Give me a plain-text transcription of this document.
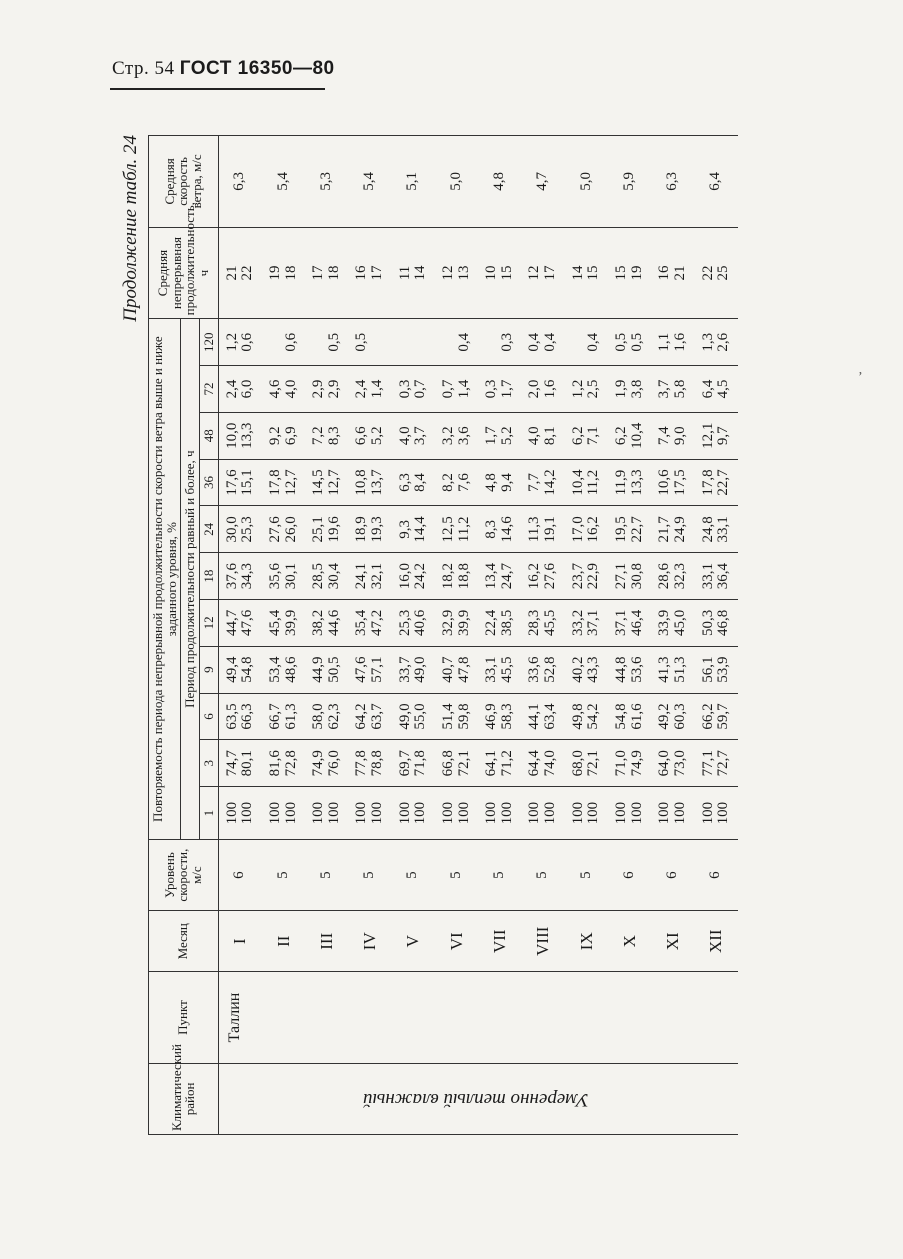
Стр. 54 ГОСТ 16350—80
ʼ
Продолжение табл. 24
Климатический район	Пункт	Месяц	Уровень скорости, м/с	Повторяемость периода непрерывной продолжительности скорости ветра выше и ниже заданного уровня, %											Средняя непрерывная продолжительность, ч	Средняя скорость ветра, м/с
				Период продолжительности равный и более, ч												
				1	3	6	9	12	18	24	36	48	72	120		
Умеренно теплый влажный	Таллин	I	6	100 100	74,7 80,1	63,5 66,3	49,4 54,8	44,7 47,6	37,6 34,3	30,0 25,3	17,6 15,1	10,0 13,3	2,4 6,0	1,2 0,6	21 22	6,3
		II	5	100 100	81,6 72,8	66,7 61,3	53,4 48,6	45,4 39,9	35,6 30,1	27,6 26,0	17,8 12,7	9,2 6,9	4,6 4,0	0,6	19 18	5,4
		III	5	100 100	74,9 76,0	58,0 62,3	44,9 50,5	38,2 44,6	28,5 30,4	25,1 19,6	14,5 12,7	7,2 8,3	2,9 2,9	0,5	17 18	5,3
		IV	5	100 100	77,8 78,8	64,2 63,7	47,6 57,1	35,4 47,2	24,1 32,1	18,9 19,3	10,8 13,7	6,6 5,2	2,4 1,4	0,5	16 17	5,4
		V	5	100 100	69,7 71,8	49,0 55,0	33,7 49,0	25,3 40,6	16,0 24,2	9,3 14,4	6,3 8,4	4,0 3,7	0,3 0,7		11 14	5,1
		VI	5	100 100	66,8 72,1	51,4 59,8	40,7 47,8	32,9 39,9	18,2 18,8	12,5 11,2	8,2 7,6	3,2 3,6	0,7 1,4	0,4	12 13	5,0
		VII	5	100 100	64,1 71,2	46,9 58,3	33,1 45,5	22,4 38,5	13,4 24,7	8,3 14,6	4,8 9,4	1,7 5,2	0,3 1,7	0,3	10 15	4,8
		VIII	5	100 100	64,4 74,0	44,1 63,4	33,6 52,8	28,3 45,5	16,2 27,6	11,3 19,1	7,7 14,2	4,0 8,1	2,0 1,6	0,4 0,4	12 17	4,7
		IX	5	100 100	68,0 72,1	49,8 54,2	40,2 43,3	33,2 37,1	23,7 22,9	17,0 16,2	10,4 11,2	6,2 7,1	1,2 2,5	0,4	14 15	5,0
		X	6	100 100	71,0 74,9	54,8 61,6	44,8 53,6	37,1 46,4	27,1 30,8	19,5 22,7	11,9 13,3	6,2 10,4	1,9 3,8	0,5 0,5	15 19	5,9
		XI	6	100 100	64,0 73,0	49,2 60,3	41,3 51,3	33,9 45,0	28,6 32,3	21,7 24,9	10,6 17,5	7,4 9,0	3,7 5,8	1,1 1,6	16 21	6,3
		XII	6	100 100	77,1 72,7	66,2 59,7	56,1 53,9	50,3 46,8	33,1 36,4	24,8 33,1	17,8 22,7	12,1 9,7	6,4 4,5	1,3 2,6	22 25	6,4
